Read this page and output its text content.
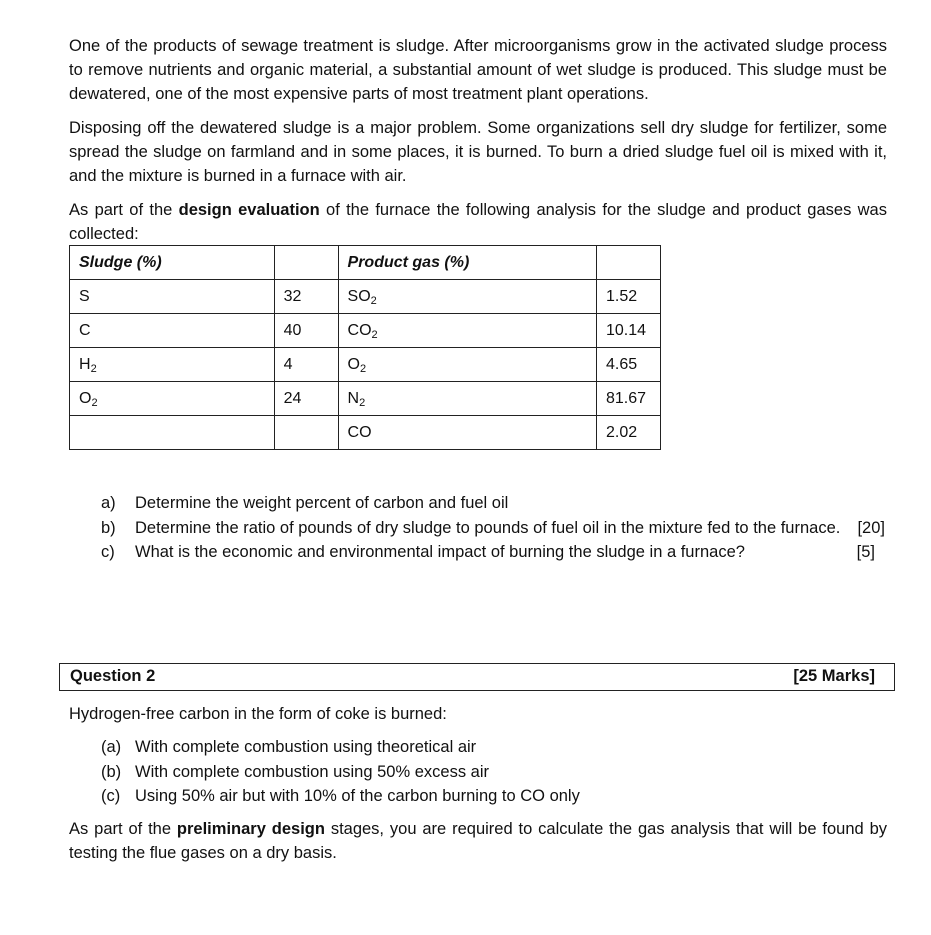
One of the products of sewage treatment is sludge. After microorganisms grow in the activated sludge process to remove nutrients and organic material, a substantial amount of wet sludge is produced. This sludge must be dewatered, one of the most expensive parts of most treatment plant operations.

Disposing off the dewatered sludge is a major problem. Some organizations sell dry sludge for fertilizer, some spread the sludge on farmland and in some places, it is burned. To burn a dried sludge fuel oil is mixed with it, and the mixture is burned in a furnace with air.

As part of the design evaluation of the furnace the following analysis for the sludge and product gases was collected:

Sludge (%)		Product gas (%)	
S	32	$SO_2$	1.52
C	40	$CO_2$	10.14
$H_2$	4	$O_2$	4.65
$O_2$	24	$N_2$	81.67
		CO	2.02
a) Determine the weight percent of carbon and fuel oil
b) Determine the ratio of pounds of dry sludge to pounds of fuel oil in the mixture fed to the furnace. [20]
c) What is the economic and environmental impact of burning the sludge in a furnace?	[5]
Question 2	[25 Marks]

Hydrogen-free carbon in the form of coke is burned:

(a) With complete combustion using theoretical air
(b) With complete combustion using 50% excess air
(c) Using 50% air but with 10% of the carbon burning to CO only

As part of the preliminary design stages, you are required to calculate the gas analysis that will be found by testing the flue gases on a dry basis.
